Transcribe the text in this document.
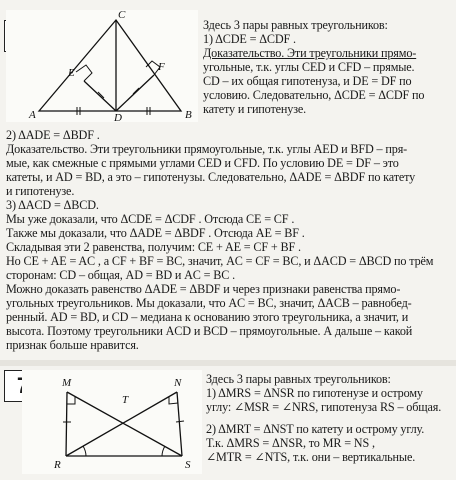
6
C
E	F
A	D	B
Здесь 3 пары равных треугольников:
1) ΔCDE = ΔCDF .
Доказательство. Эти треугольники прямо-
угольные, т.к. углы CED и CFD – прямые.
CD – их общая гипотенуза, и DE = DF по
условию. Следовательно, ΔCDE = ΔCDF по
катету и гипотенузе.
2) ΔADE = ΔBDF .
Доказательство. Эти треугольники прямоугольные, т.к. углы AED и BFD – пря-
мые, как смежные с прямыми углами CED и CFD. По условию DE = DF – это
катеты, и AD = BD, а это – гипотенузы. Следовательно, ΔADE = ΔBDF по катету
и гипотенузе.
3) ΔACD = ΔBCD.
Мы уже доказали, что ΔCDE = ΔCDF . Отсюда CE = CF .
Также мы доказали, что ΔADE = ΔBDF . Отсюда AE = BF .
Складывая эти 2 равенства, получим: CE + AE = CF + BF .
Но CE + AE = AC , а CF + BF = BC, значит, AC = CF = BC, и ΔACD = ΔBCD по трём
сторонам: CD – общая, AD = BD и AC = BC .
Можно доказать равенство ΔADE = ΔBDF и через признаки равенства прямо-
угольных треугольников. Мы доказали, что AC = BC, значит, ΔACB – равнобед-
ренный. AD = BD, и CD – медиана к основанию этого треугольника, а значит, и
высота. Поэтому треугольники ACD и BCD – прямоугольные. А дальше – какой
признак больше нравится.
7	M	N
T
R	S
Здесь 3 пары равных треугольников:
1) ΔMRS = ΔNSR по гипотенузе и острому
углу: ∠MSR = ∠NRS, гипотенуза RS – общая.
2) ΔMRT = ΔNST по катету и острому углу.
Т.к. ΔMRS = ΔNSR, то MR = NS ,
∠MTR = ∠NTS, т.к. они – вертикальные.
